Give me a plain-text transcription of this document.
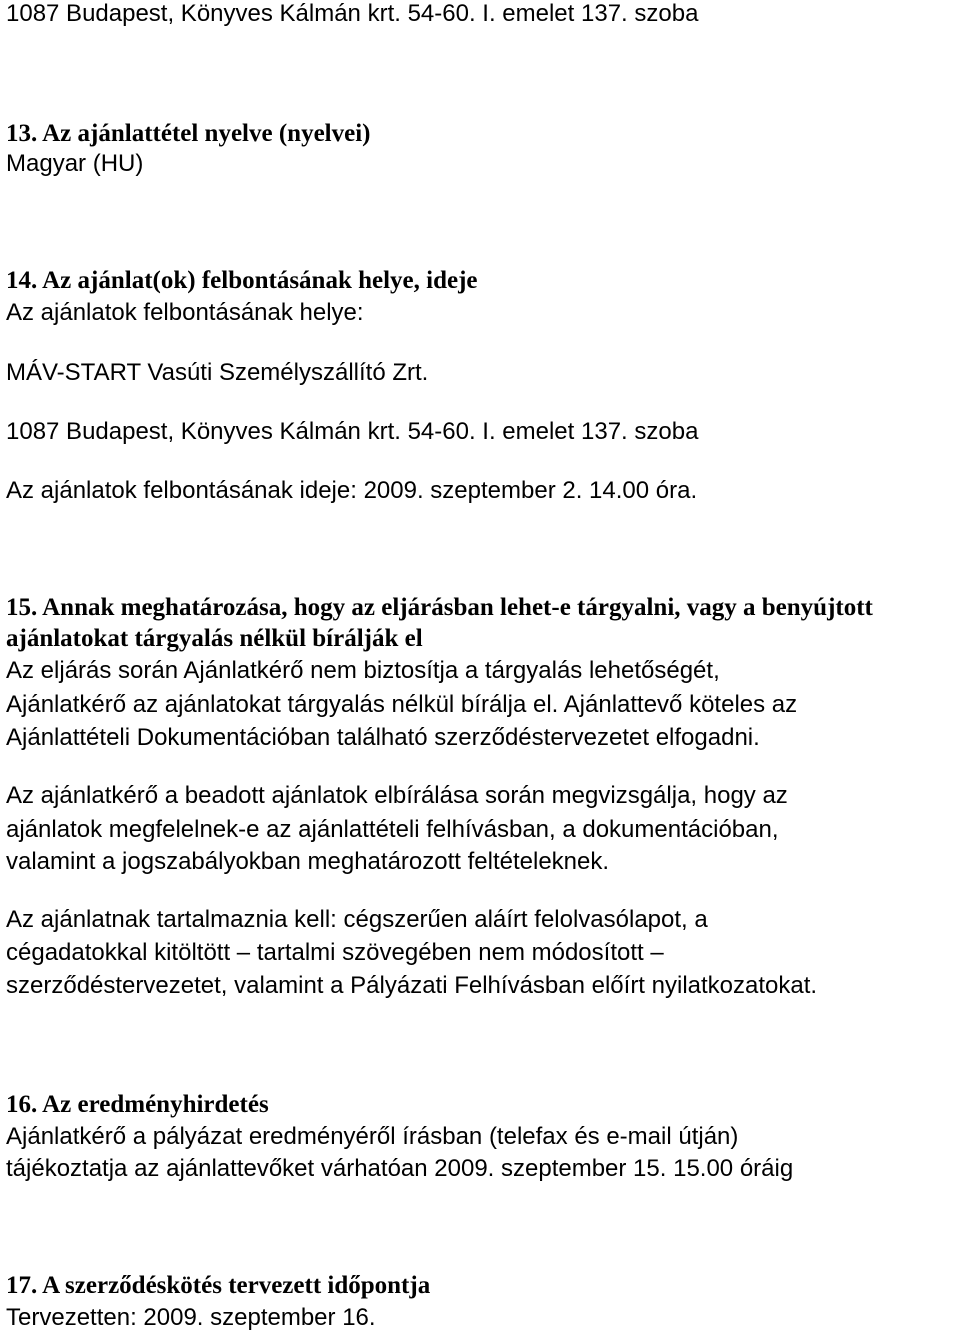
1087 Budapest, Könyves Kálmán krt. 54-60. I. emelet 137. szoba
13. Az ajánlattétel nyelve (nyelvei)
Magyar (HU)
14. Az ajánlat(ok) felbontásának helye, ideje
Az ajánlatok felbontásának helye:
MÁV-START Vasúti Személyszállító Zrt.
1087 Budapest, Könyves Kálmán krt. 54-60. I. emelet 137. szoba
Az ajánlatok felbontásának ideje: 2009. szeptember 2. 14.00 óra.
15. Annak meghatározása, hogy az eljárásban lehet-e tárgyalni, vagy a benyújtott
ajánlatokat tárgyalás nélkül bírálják el
Az eljárás során Ajánlatkérő nem biztosítja a tárgyalás lehetőségét,
Ajánlatkérő az ajánlatokat tárgyalás nélkül bírálja el. Ajánlattevő köteles az
Ajánlattételi Dokumentációban található szerződéstervezetet elfogadni.
Az ajánlatkérő a beadott ajánlatok elbírálása során megvizsgálja, hogy az
ajánlatok megfelelnek-e az ajánlattételi felhívásban, a dokumentációban,
valamint a jogszabályokban meghatározott feltételeknek.
Az ajánlatnak tartalmaznia kell: cégszerűen aláírt felolvasólapot, a
cégadatokkal kitöltött – tartalmi szövegében nem módosított –
szerződéstervezetet, valamint a Pályázati Felhívásban előírt nyilatkozatokat.
16. Az eredményhirdetés
Ajánlatkérő a pályázat eredményéről írásban (telefax és e-mail útján)
tájékoztatja az ajánlattevőket várhatóan 2009. szeptember 15. 15.00 óráig
17. A szerződéskötés tervezett időpontja
Tervezetten: 2009. szeptember 16.
